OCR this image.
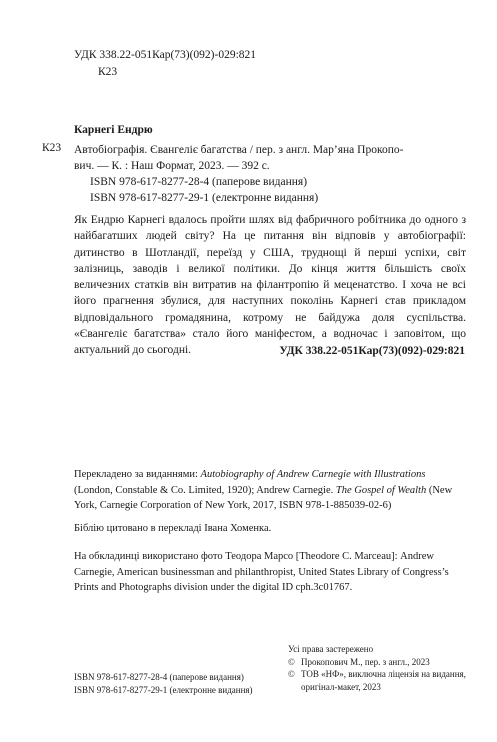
УДК 338.22-051Кар(73)(092)-029:821
К23
Карнегі Ендрю
К23 Автобіографія. Євангеліє багатства / пер. з англ. Мар’яна Прокопо-
вич. — К. : Наш Формат, 2023. — 392 с.
ISBN 978-617-8277-28-4 (паперове видання)
ISBN 978-617-8277-29-1 (електронне видання)
Як Ендрю Карнегі вдалось пройти шлях від фабричного робітника до одного з найбагатших людей світу? На це питання він відповів у автобіографії: дитинство в Шотландії, переїзд у США, труднощі й перші успіхи, світ залізниць, заводів і великої політики. До кінця життя більшість своїх величезних статків він витратив на філантропію й меценатство. І хоча не всі його прагнення збулися, для наступних поколінь Карнегі став прикладом відповідального громадянина, котрому не байдужа доля суспільства. «Євангеліє багатства» стало його маніфестом, а водночас і заповітом, що актуальний до сьогодні.	УДК 338.22-051Кар(73)(092)-029:821
Перекладено за виданнями: Autobiography of Andrew Carnegie with Illustrations (London, Constable & Co. Limited, 1920); Andrew Carnegie. The Gospel of Wealth (New York, Carnegie Corporation of New York, 2017, ISBN 978-1-885039-02-6)
Біблію цитовано в перекладі Івана Хоменка.
На обкладинці використано фото Теодора Марсо [Theodore C. Marceau]: Andrew Carnegie, American businessman and philanthropist, United States Library of Congress’s Prints and Photographs division under the digital ID cph.3c01767.
Усі права застережено
© Прокопович М., пер. з англ., 2023
© ТОВ «НФ», виключна ліцензія на видання,
оригінал-макет, 2023
ISBN 978-617-8277-28-4 (паперове видання)
ISBN 978-617-8277-29-1 (електронне видання)
